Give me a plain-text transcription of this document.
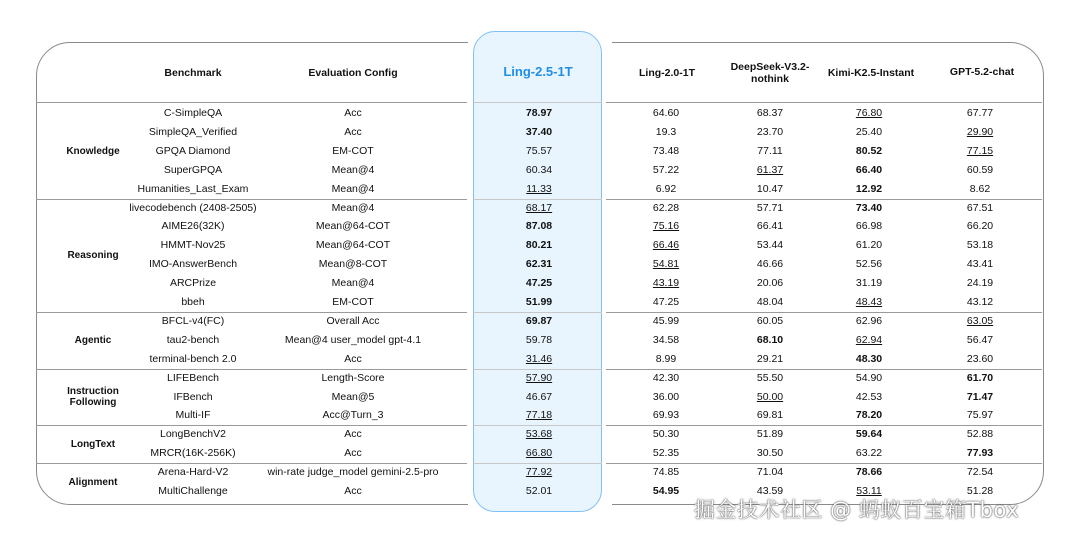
Benchmark	Evaluation Config	Ling-2.5-1T	Ling-2.0-1T	DeepSeek-V3.2-nothink	Kimi-K2.5-Instant	GPT-5.2-chat
Knowledge
C-SimpleQA	Acc	78.97	64.60	68.37	76.80	67.77
SimpleQA_Verified	Acc	37.40	19.3	23.70	25.40	29.90
GPQA Diamond	EM-COT	75.57	73.48	77.11	80.52	77.15
SuperGPQA	Mean@4	60.34	57.22	61.37	66.40	60.59
Humanities_Last_Exam	Mean@4	11.33	6.92	10.47	12.92	8.62
Reasoning
livecodebench (2408-2505)	Mean@4	68.17	62.28	57.71	73.40	67.51
AIME26(32K)	Mean@64-COT	87.08	75.16	66.41	66.98	66.20
HMMT-Nov25	Mean@64-COT	80.21	66.46	53.44	61.20	53.18
IMO-AnswerBench	Mean@8-COT	62.31	54.81	46.66	52.56	43.41
ARCPrize	Mean@4	47.25	43.19	20.06	31.19	24.19
bbeh	EM-COT	51.99	47.25	48.04	48.43	43.12
Agentic
BFCL-v4(FC)	Overall Acc	69.87	45.99	60.05	62.96	63.05
tau2-bench	Mean@4 user_model gpt-4.1	59.78	34.58	68.10	62.94	56.47
terminal-bench 2.0	Acc	31.46	8.99	29.21	48.30	23.60
Instruction Following
LIFEBench	Length-Score	57.90	42.30	55.50	54.90	61.70
IFBench	Mean@5	46.67	36.00	50.00	42.53	71.47
Multi-IF	Acc@Turn_3	77.18	69.93	69.81	78.20	75.97
LongText
LongBenchV2	Acc	53.68	50.30	51.89	59.64	52.88
MRCR(16K-256K)	Acc	66.80	52.35	30.50	63.22	77.93
Alignment
Arena-Hard-V2	win-rate judge_model gemini-2.5-pro	77.92	74.85	71.04	78.66	72.54
MultiChallenge	Acc	52.01	54.95	43.59	53.11	51.28
掘金技术社区 @ 蚂蚁百宝箱Tbox
